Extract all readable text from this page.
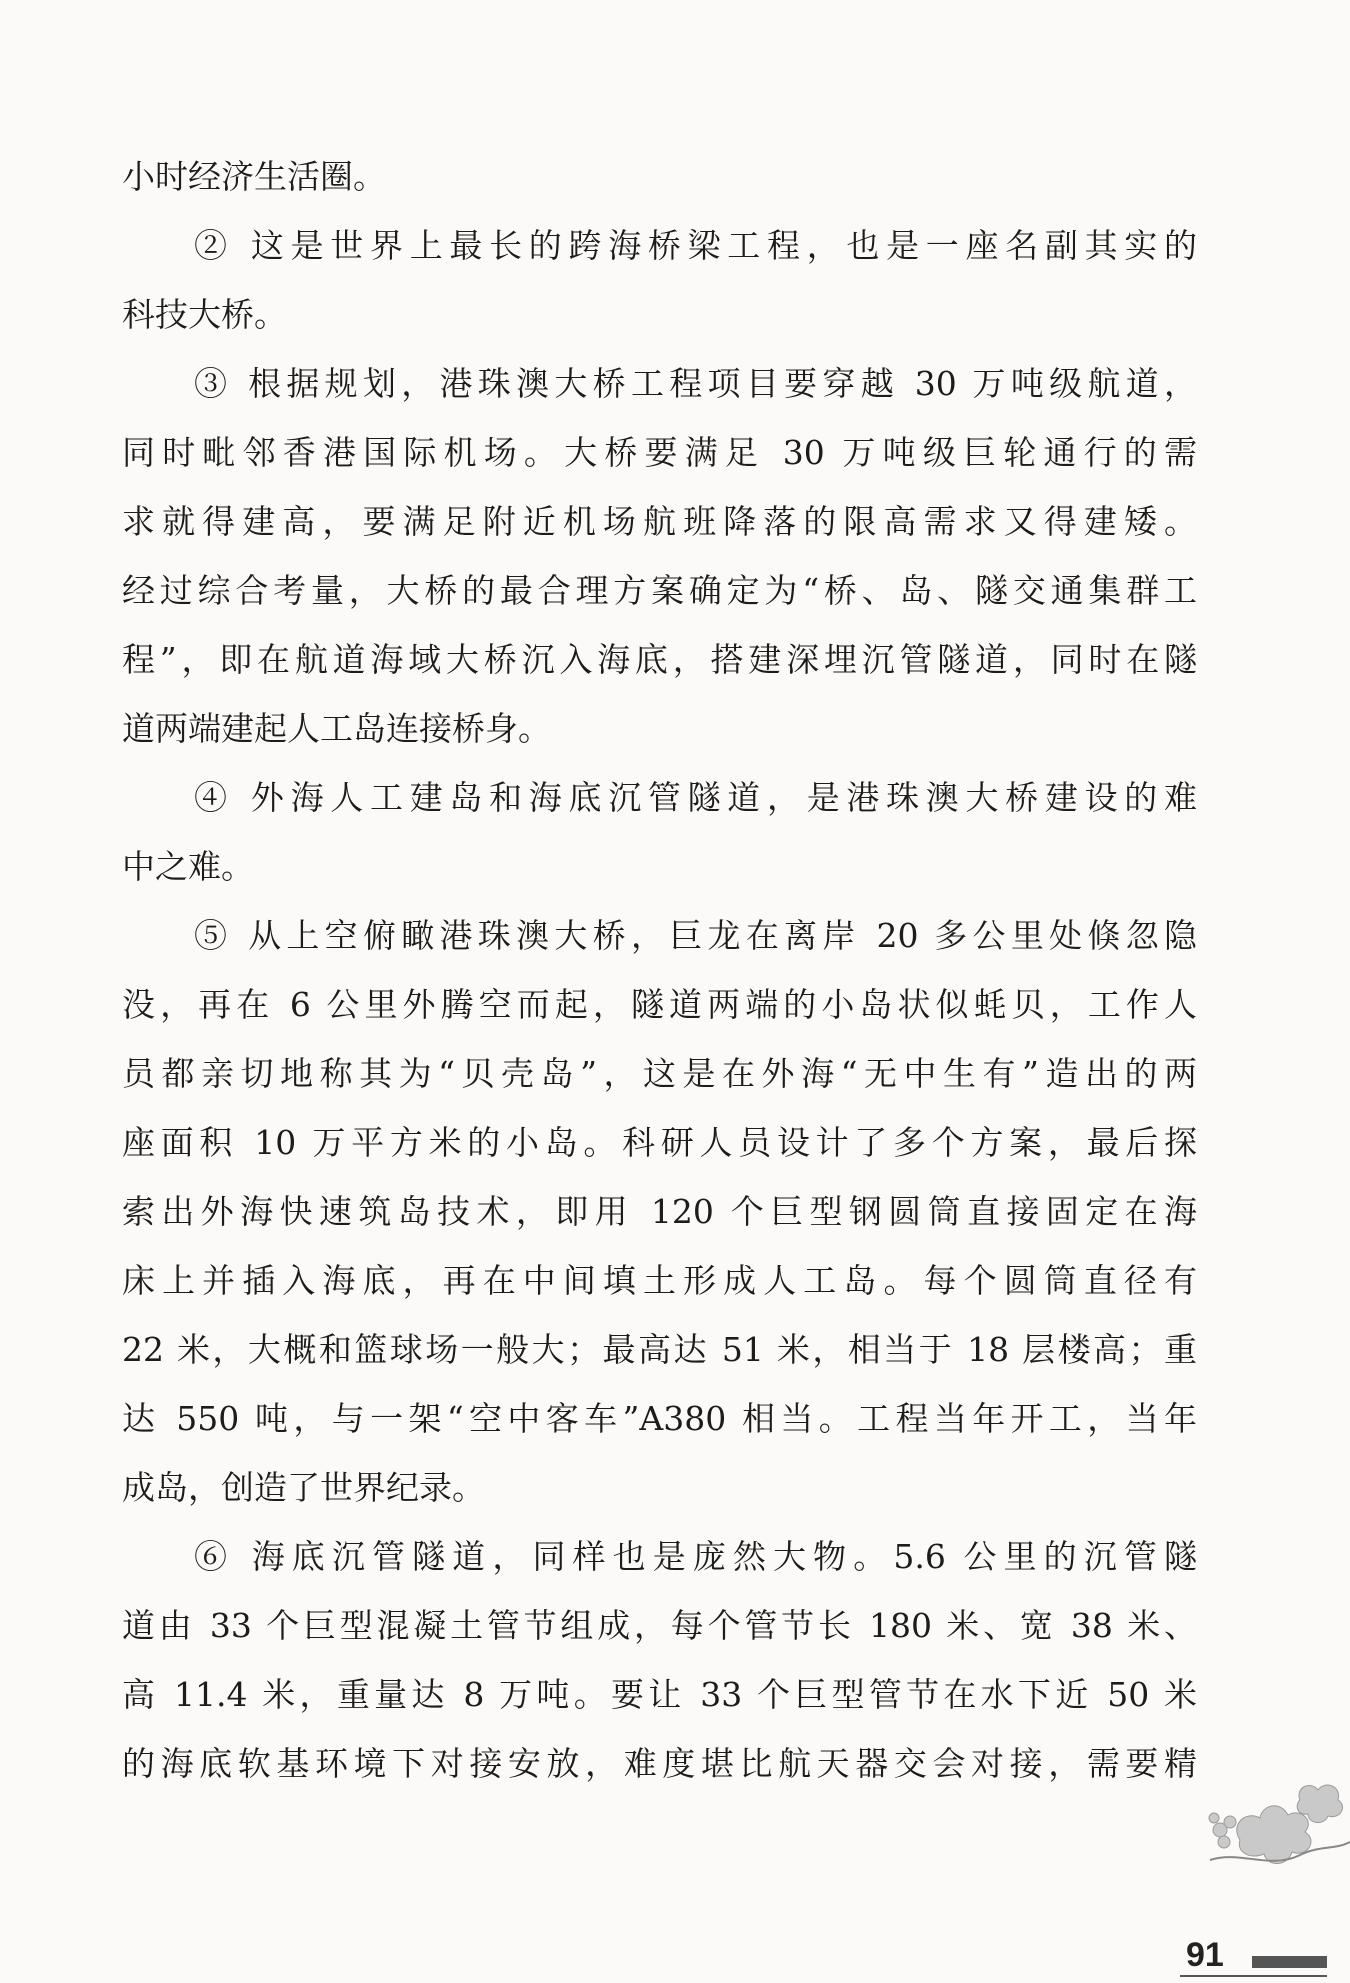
小时经济生活圈。
② 这是世界上最长的跨海桥梁工程，也是一座名副其实的
科技大桥。
③ 根据规划，港珠澳大桥工程项目要穿越 30 万吨级航道，
同时毗邻香港国际机场。大桥要满足 30 万吨级巨轮通行的需
求就得建高，要满足附近机场航班降落的限高需求又得建矮。
经过综合考量，大桥的最合理方案确定为“桥、岛、隧交通集群工
程”，即在航道海域大桥沉入海底，搭建深埋沉管隧道，同时在隧
道两端建起人工岛连接桥身。
④ 外海人工建岛和海底沉管隧道，是港珠澳大桥建设的难
中之难。
⑤ 从上空俯瞰港珠澳大桥，巨龙在离岸 20 多公里处倏忽隐
没，再在 6 公里外腾空而起，隧道两端的小岛状似蚝贝，工作人
员都亲切地称其为“贝壳岛”，这是在外海“无中生有”造出的两
座面积 10 万平方米的小岛。科研人员设计了多个方案，最后探
索出外海快速筑岛技术，即用 120 个巨型钢圆筒直接固定在海
床上并插入海底，再在中间填土形成人工岛。每个圆筒直径有
22 米，大概和篮球场一般大；最高达 51 米，相当于 18 层楼高；重
达 550 吨，与一架“空中客车”A380 相当。工程当年开工，当年
成岛，创造了世界纪录。
⑥ 海底沉管隧道，同样也是庞然大物。5.6 公里的沉管隧
道由 33 个巨型混凝土管节组成，每个管节长 180 米、宽 38 米、
高 11.4 米，重量达 8 万吨。要让 33 个巨型管节在水下近 50 米
的海底软基环境下对接安放，难度堪比航天器交会对接，需要精
91
